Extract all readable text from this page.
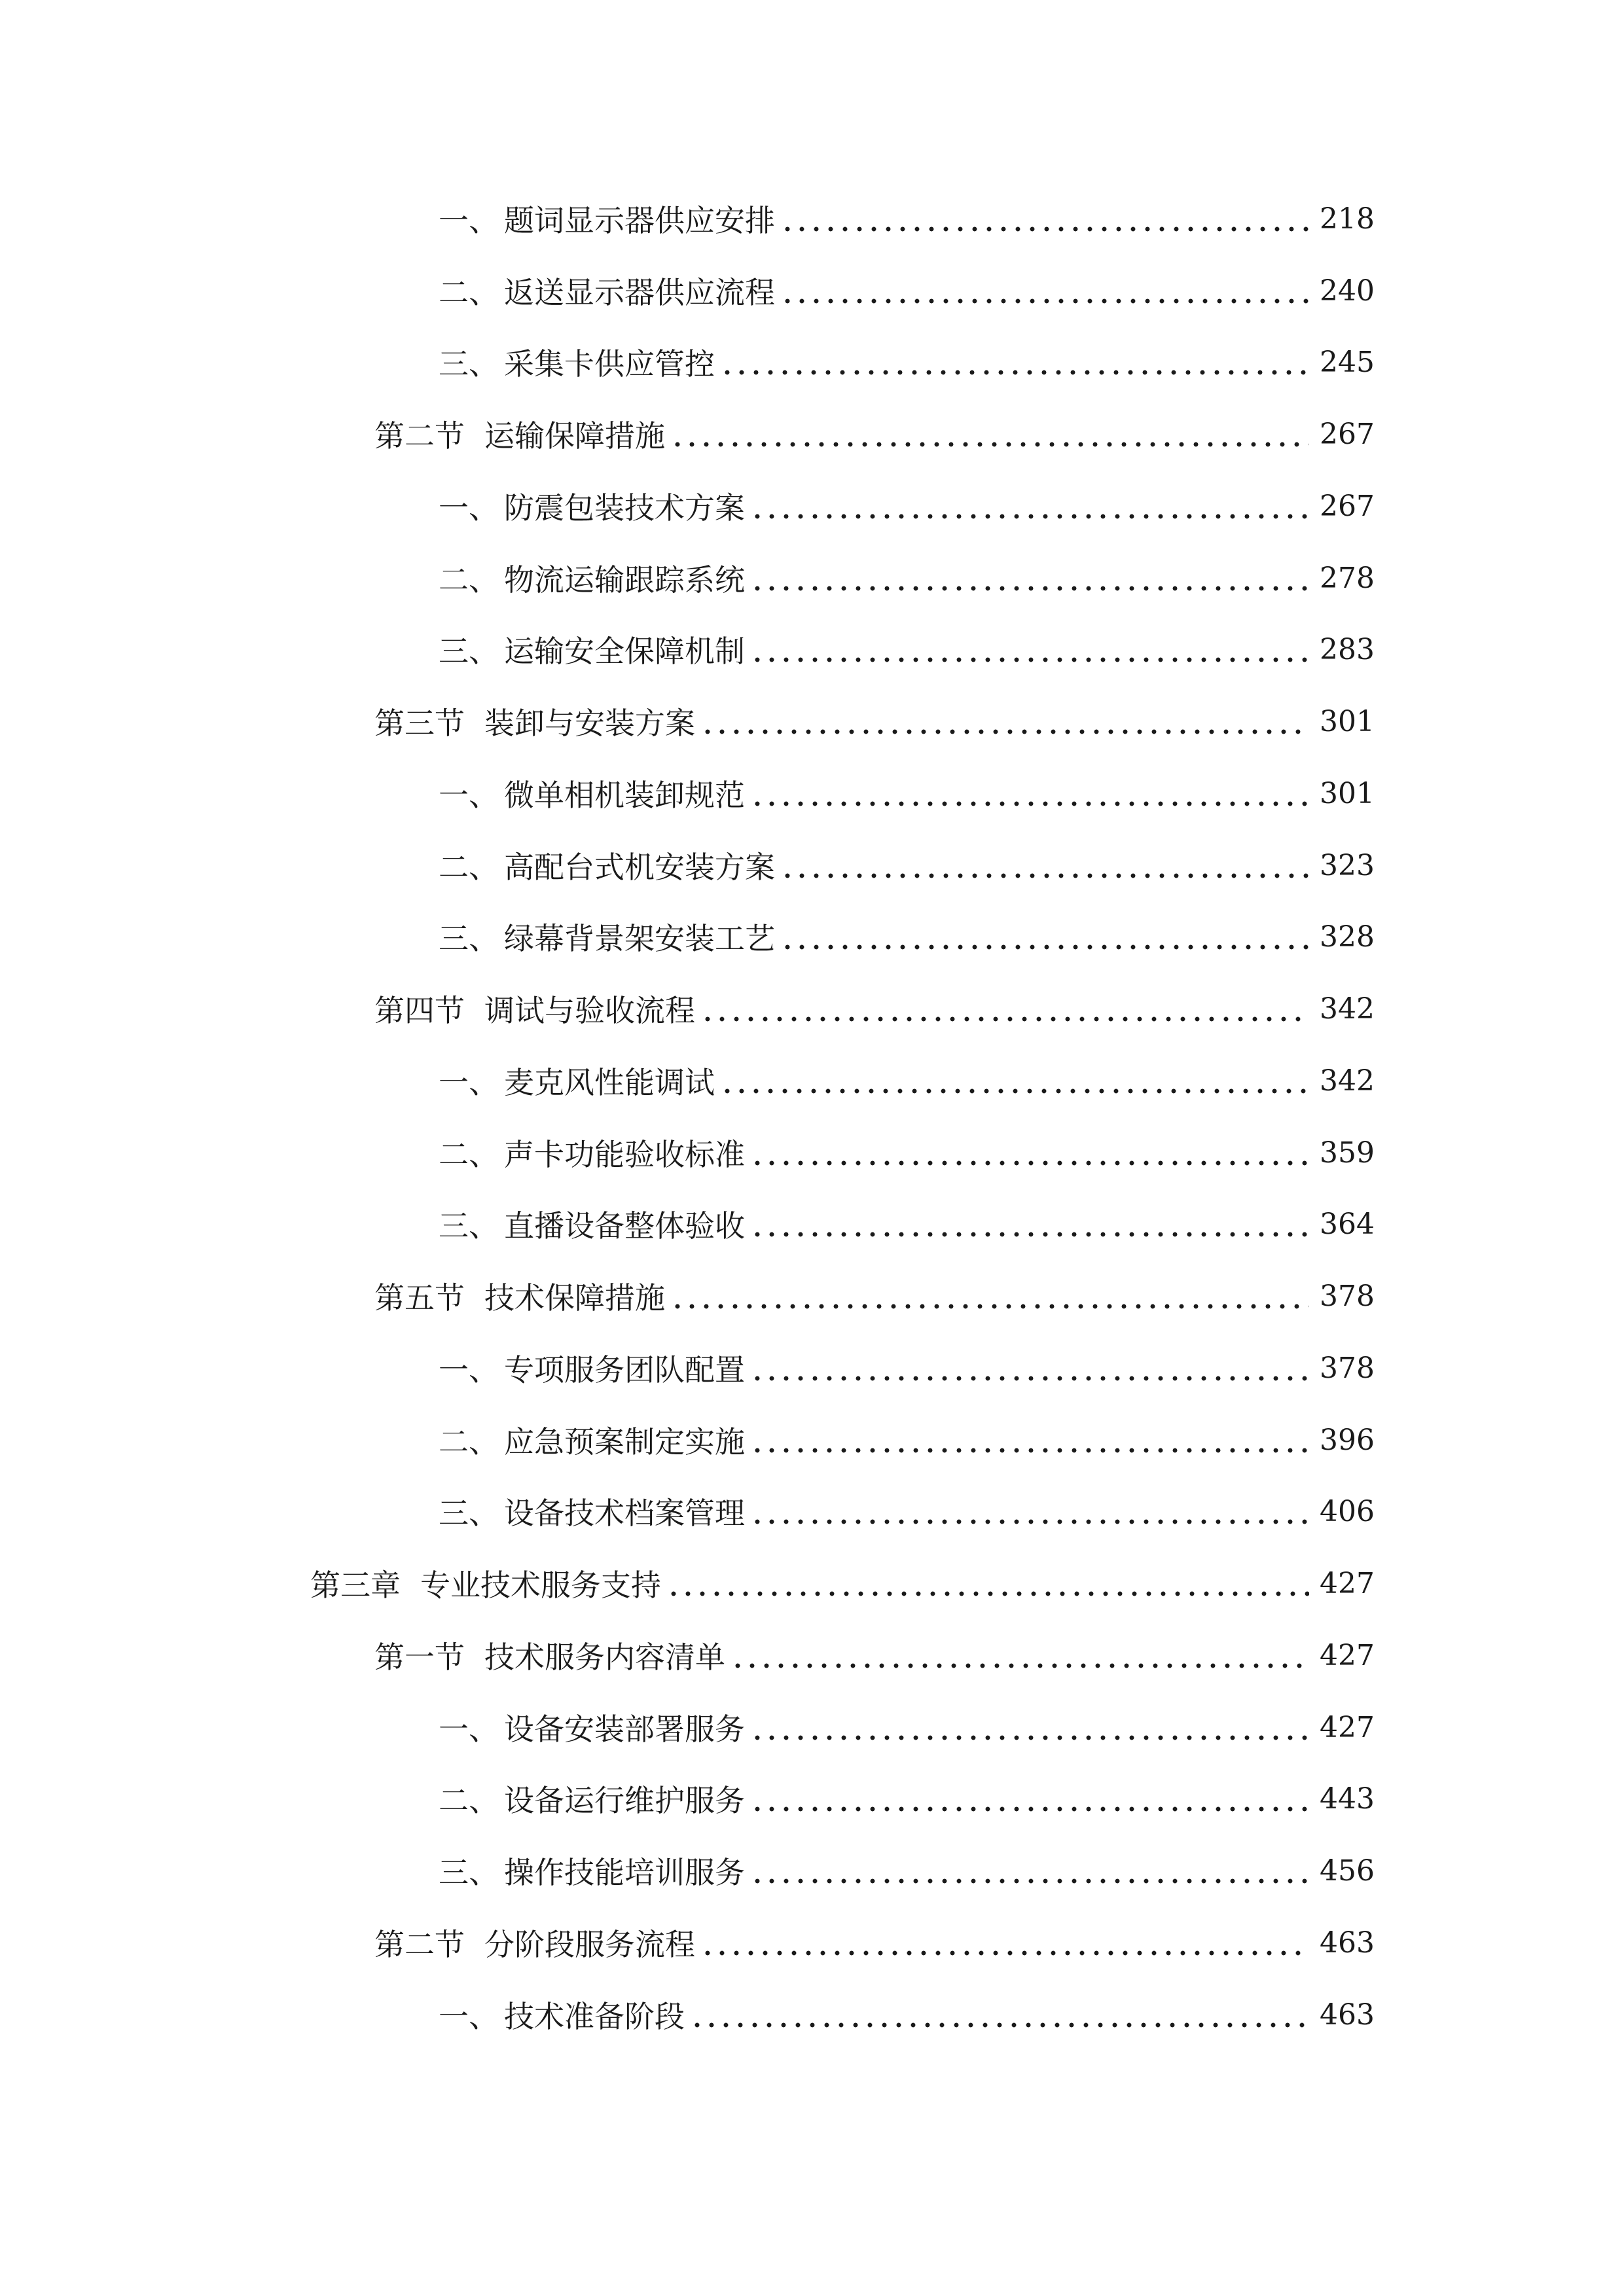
一、 题词显示器供应安排	218
二、 返送显示器供应流程	240
三、 采集卡供应管控	245
第二节 运输保障措施	267
一、 防震包装技术方案	267
二、 物流运输跟踪系统	278
三、 运输安全保障机制	283
第三节 装卸与安装方案	301
一、 微单相机装卸规范	301
二、 高配台式机安装方案	323
三、 绿幕背景架安装工艺	328
第四节 调试与验收流程	342
一、 麦克风性能调试	342
二、 声卡功能验收标准	359
三、 直播设备整体验收	364
第五节 技术保障措施	378
一、 专项服务团队配置	378
二、 应急预案制定实施	396
三、 设备技术档案管理	406
第三章 专业技术服务支持	427
第一节 技术服务内容清单	427
一、 设备安装部署服务	427
二、 设备运行维护服务	443
三、 操作技能培训服务	456
第二节 分阶段服务流程	463
一、 技术准备阶段	463
